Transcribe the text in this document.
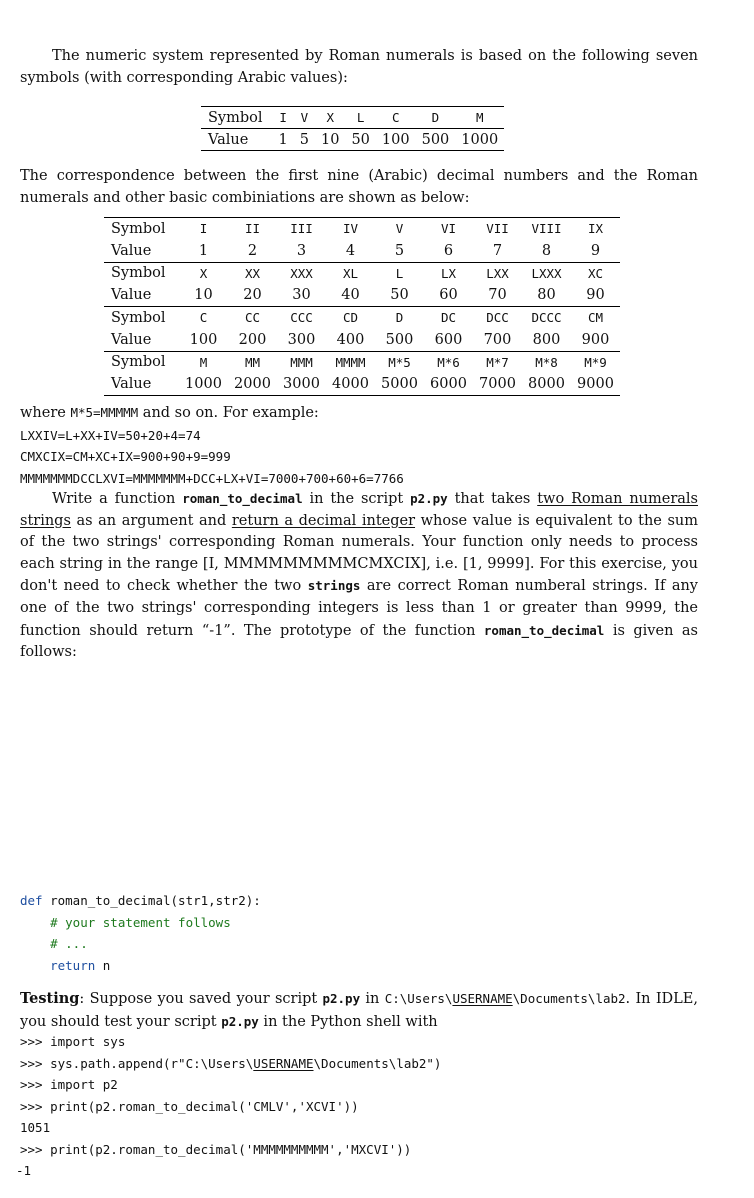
The numeric system represented by Roman numerals is based on the following seven symbols (with corresponding Arabic values):

Symbol	I	V	X	L	C	D	M
Value	1	5	10	50	100	500	1000

The correspondence between the first nine (Arabic) decimal numbers and the Roman numerals and other basic combiniations are shown as below:

Symbol	I	II	III	IV	V	VI	VII	VIII	IX
Value	1	2	3	4	5	6	7	8	9
Symbol	X	XX	XXX	XL	L	LX	LXX	LXXX	XC
Value	10	20	30	40	50	60	70	80	90
Symbol	C	CC	CCC	CD	D	DC	DCC	DCCC	CM
Value	100	200	300	400	500	600	700	800	900
Symbol	M	MM	MMM	MMMM	M*5	M*6	M*7	M*8	M*9
Value	1000	2000	3000	4000	5000	6000	7000	8000	9000

where M*5=MMMMM and so on. For example:

LXXIV=L+XX+IV=50+20+4=74

CMXCIX=CM+XC+IX=900+90+9=999

MMMMMMMDCCLXVI=MMMMMMM+DCC+LX+VI=7000+700+60+6=7766

Write a function roman_to_decimal in the script p2.py that takes two Roman numerals strings as an argument and return a decimal integer whose value is equivalent to the sum of the two strings' corresponding Roman numerals. Your function only needs to process each string in the range [I, MMMMMMMMMCMXCIX], i.e. [1, 9999]. For this exercise, you don't need to check whether the two strings are correct Roman numberal strings. If any one of the two strings' corresponding integers is less than 1 or greater than 9999, the function should return “-1”. The prototype of the function roman_to_decimal is given as follows:

def roman_to_decimal(str1,str2):
# your statement follows
# ...
return n

Testing: Suppose you saved your script p2.py in C:\Users\USERNAME\Documents\lab2. In IDLE, you should test your script p2.py in the Python shell with

>>> import sys
>>> sys.path.append(r"C:\Users\USERNAME\Documents\lab2")
>>> import p2
>>> print(p2.roman_to_decimal('CMLV','XCVI'))
1051
>>> print(p2.roman_to_decimal('MMMMMMMMMM','MXCVI'))
-1
